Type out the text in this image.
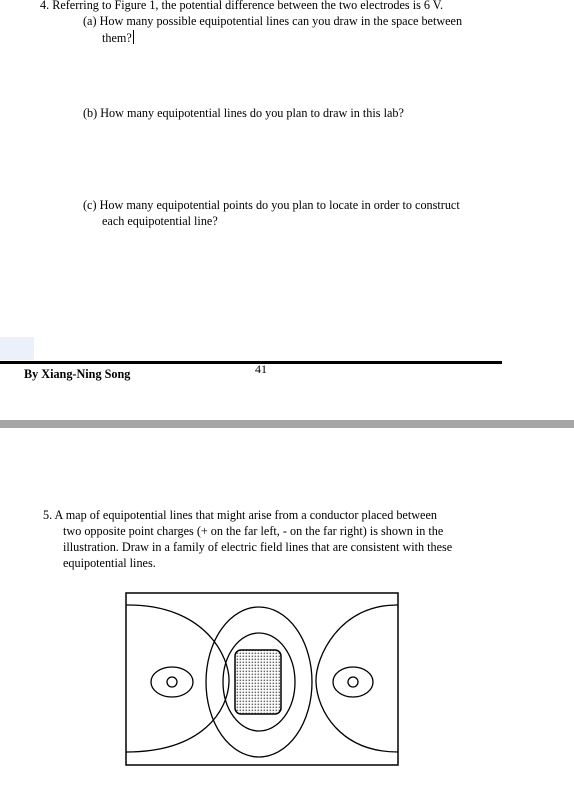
4. Referring to Figure 1, the potential difference between the two electrodes is 6 V.
(a) How many possible equipotential lines can you draw in the space between
them?
(b) How many equipotential lines do you plan to draw in this lab?
(c) How many equipotential points do you plan to locate in order to construct
each equipotential line?
By Xiang-Ning Song	41
5. A map of equipotential lines that might arise from a conductor placed between
two opposite point charges (+ on the far left, - on the far right) is shown in the
illustration. Draw in a family of electric field lines that are consistent with these
equipotential lines.
